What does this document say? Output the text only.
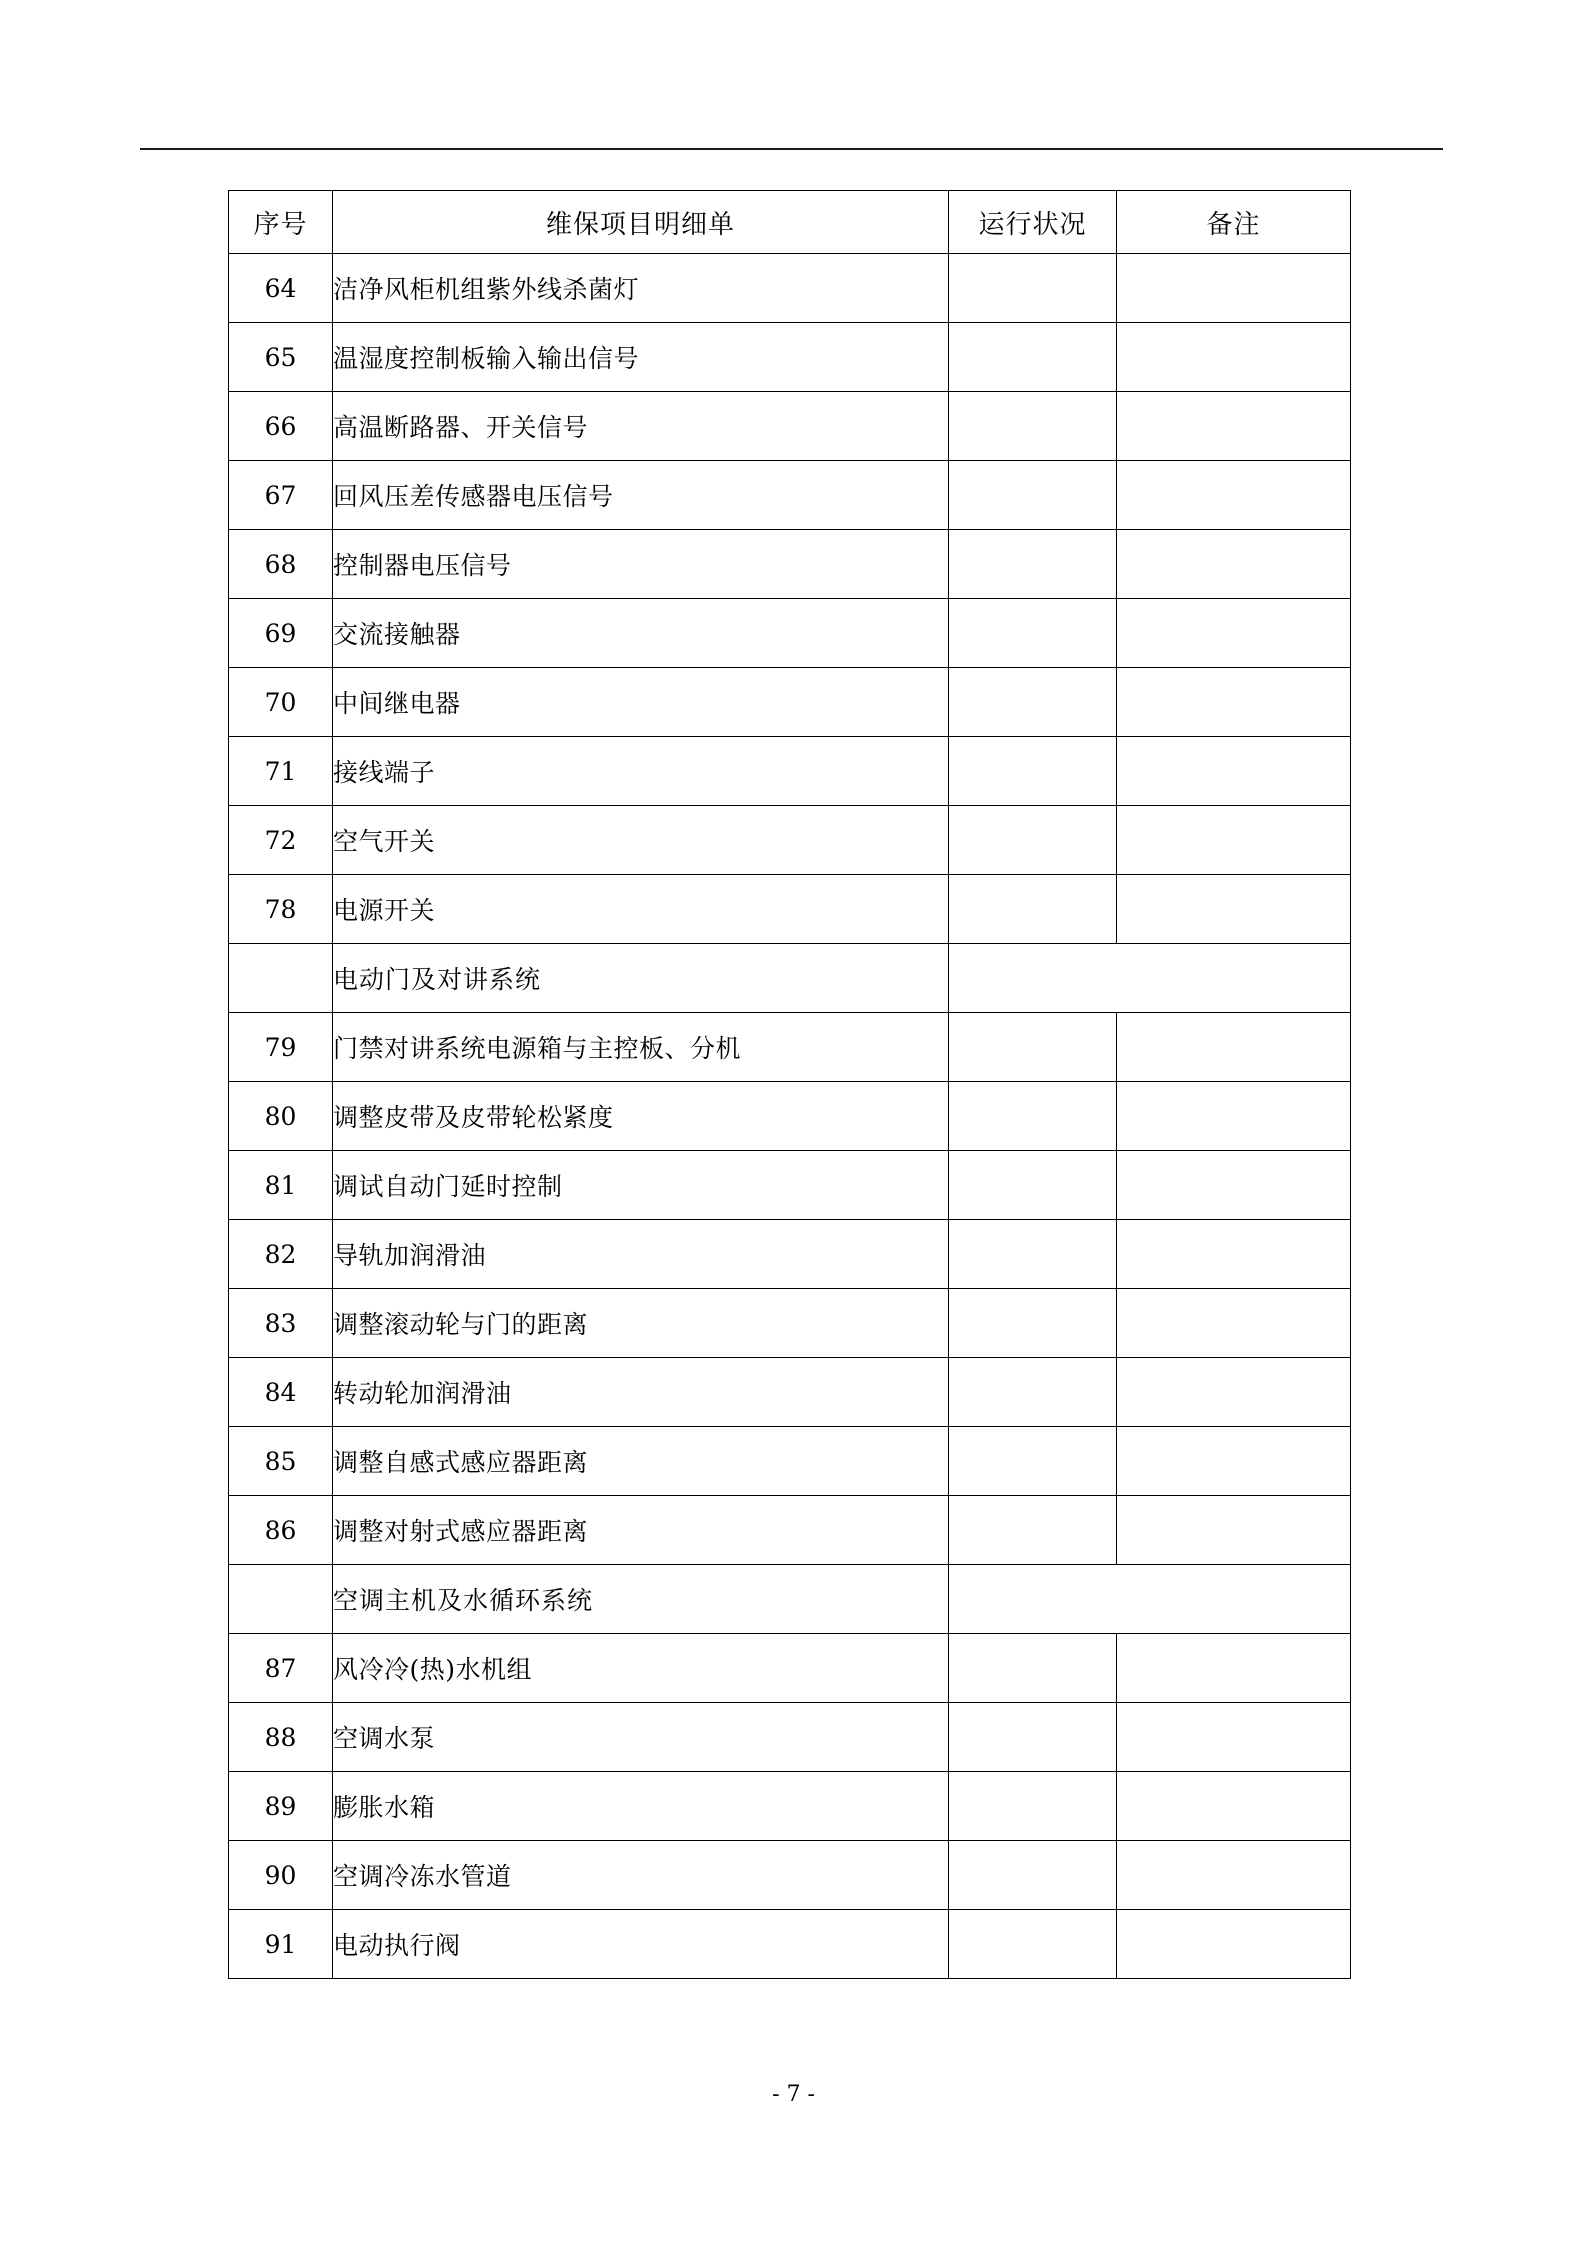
序号	维保项目明细单	运行状况	备注
64	洁净风柜机组紫外线杀菌灯		
65	温湿度控制板输入输出信号		
66	高温断路器、开关信号		
67	回风压差传感器电压信号		
68	控制器电压信号		
69	交流接触器		
70	中间继电器		
71	接线端子		
72	空气开关		
78	电源开关		
	电动门及对讲系统		
79	门禁对讲系统电源箱与主控板、分机		
80	调整皮带及皮带轮松紧度		
81	调试自动门延时控制		
82	导轨加润滑油		
83	调整滚动轮与门的距离		
84	转动轮加润滑油		
85	调整自感式感应器距离		
86	调整对射式感应器距离		
	空调主机及水循环系统		
87	风冷冷(热)水机组		
88	空调水泵		
89	膨胀水箱		
90	空调冷冻水管道		
91	电动执行阀		
- 7 -
